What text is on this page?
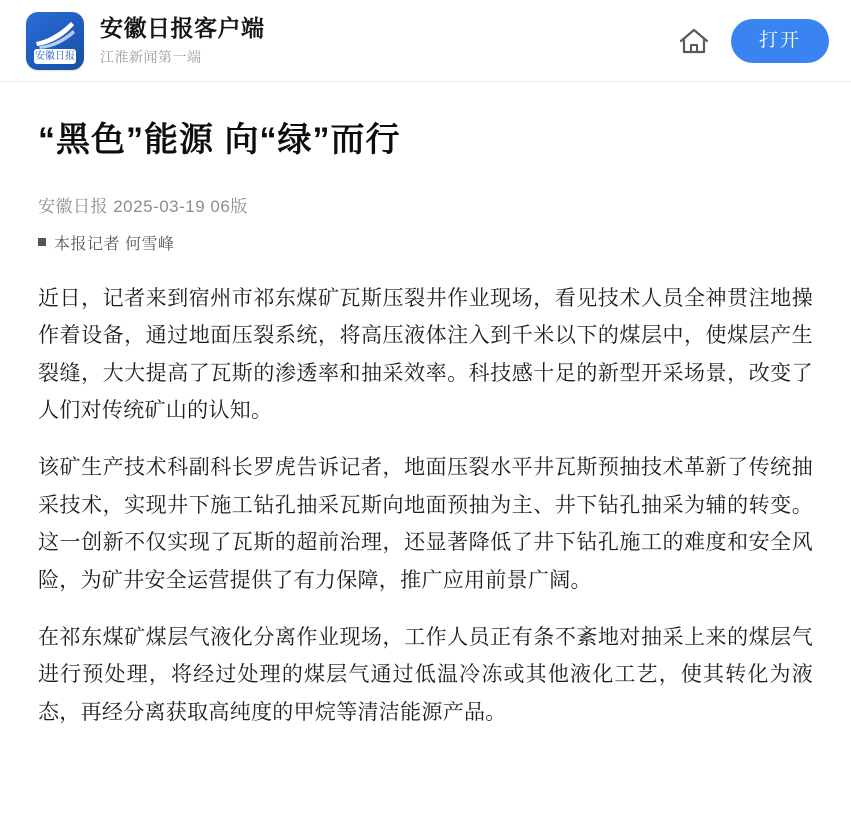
安徽日报
安徽日报客户端
江淮新闻第一端
打开
“黑色”能源 向“绿”而行
安徽日报 2025-03-19 06版
本报记者 何雪峰

近日，记者来到宿州市祁东煤矿瓦斯压裂井作业现场，看见技术人员全神贯注地操作着设备，通过地面压裂系统，将高压液体注入到千米以下的煤层中，使煤层产生裂缝，大大提高了瓦斯的渗透率和抽采效率。科技感十足的新型开采场景，改变了人们对传统矿山的认知。

该矿生产技术科副科长罗虎告诉记者，地面压裂水平井瓦斯预抽技术革新了传统抽采技术，实现井下施工钻孔抽采瓦斯向地面预抽为主、井下钻孔抽采为辅的转变。这一创新不仅实现了瓦斯的超前治理，还显著降低了井下钻孔施工的难度和安全风险，为矿井安全运营提供了有力保障，推广应用前景广阔。

在祁东煤矿煤层气液化分离作业现场，工作人员正有条不紊地对抽采上来的煤层气进行预处理，将经过处理的煤层气通过低温冷冻或其他液化工艺，使其转化为液态，再经分离获取高纯度的甲烷等清洁能源产品。
